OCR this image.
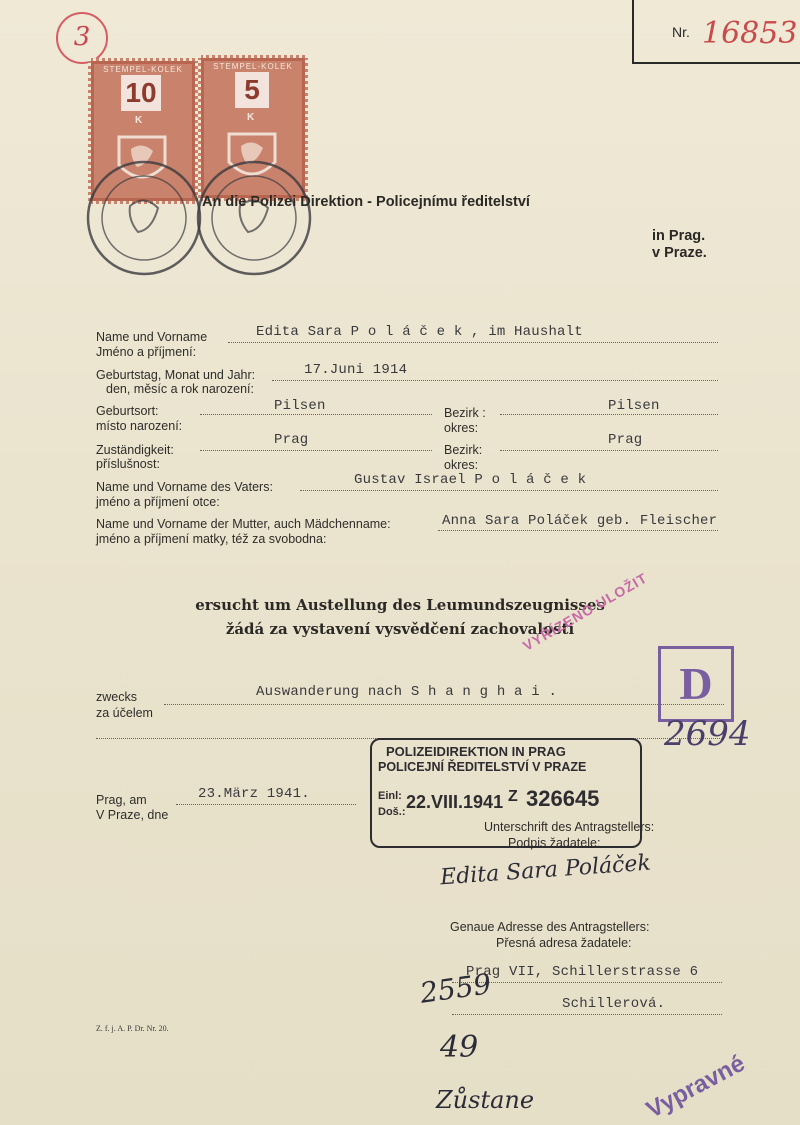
Nr. 16853
3
STEMPEL-KOLEK
10
K
STEMPEL-KOLEK
5
K
An die Polizei Direktion - Policejnímu ředitelství
in Prag.
v Praze.
Name und Vorname
Jméno a příjmení:
Edita Sara P o l á č e k , im Haushalt
Geburtstag, Monat und Jahr:
den, měsíc a rok narození:
17.Juni 1914
Geburtsort:
místo narození:
Pilsen	Bezirk :
okres:
Pilsen
Zuständigkeit:
příslušnost:
Prag
Bezirk:
okres:
Prag
Name und Vorname des Vaters:
jméno a příjmení otce:
Gustav Israel P o l á č e k
Name und Vorname der Mutter, auch Mädchenname:
jméno a příjmení matky, též za svobodna:
Anna Sara Poláček geb. Fleischer
ersucht um Austellung des Leumundszeugnisses
žádá za vystavení vysvědčení zachovalosti
zwecks
za účelem
Auswanderung nach S h a n g h a i .
Prag, am
V Praze, dne
23.März 1941.
POLIZEIDIREKTION IN PRAG
POLICEJNÍ ŘEDITELSTVÍ V PRAZE
Einl:
Doš.: 22.VIII.1941 Z 326645
Unterschrift des Antragstellers:
Podpis žadatele:
Edita Sara Poláček
Genaue Adresse des Antragstellers:
Přesná adresa žadatele:
Prag VII, Schillerstrasse 6
Schillerová.
VYŘÍZENO ULOŽIT
D
2694
2559
49
Zůstane	Vypravné
Z. f. j. A. P. Dr. Nr. 20.
